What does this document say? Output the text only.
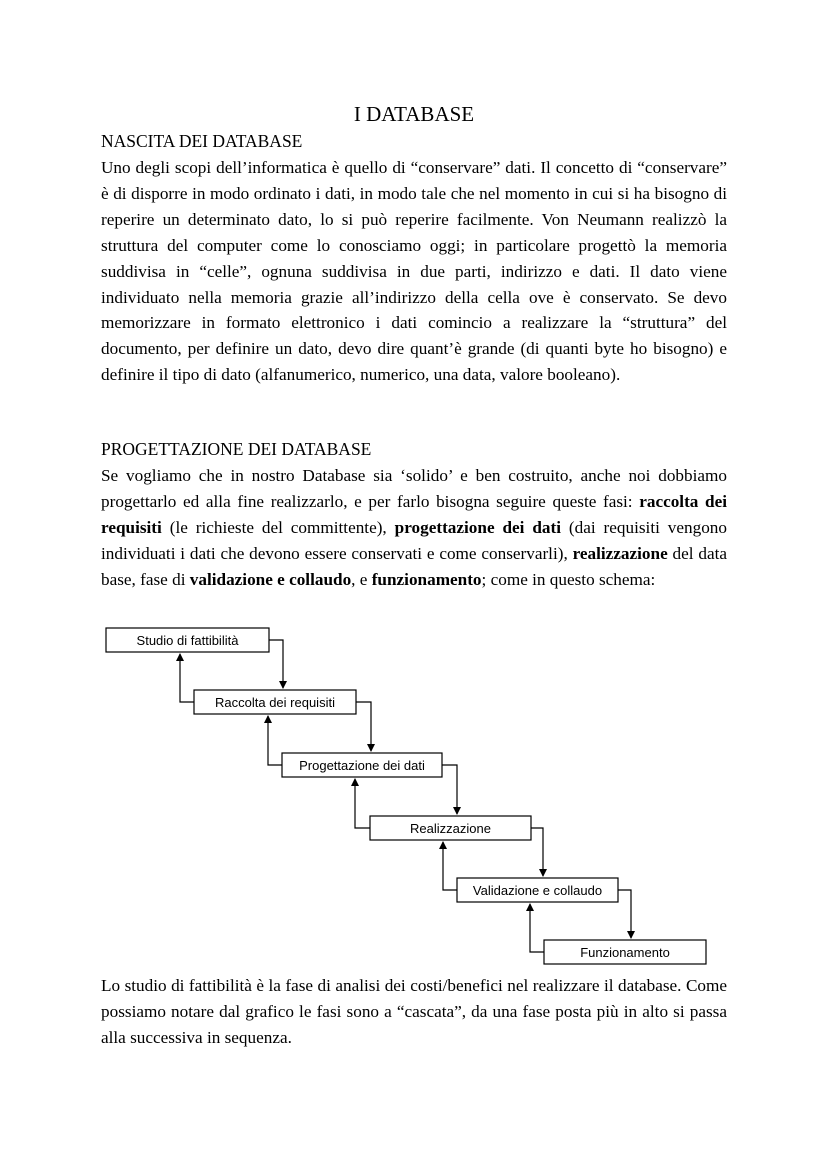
I DATABASE
NASCITA DEI DATABASE

Uno degli scopi dell’informatica è quello di “conservare” dati. Il concetto di “conservare” è di disporre in modo ordinato i dati, in modo tale che nel momento in cui si ha bisogno di reperire un determinato dato, lo si può reperire facilmente. Von Neumann realizzò la struttura del computer come lo conosciamo oggi; in particolare progettò la memoria suddivisa in “celle”, ognuna suddivisa in due parti, indirizzo e dati. Il dato viene individuato nella memoria grazie all’indirizzo della cella ove è conservato. Se devo memorizzare in formato elettronico i dati comincio a realizzare la “struttura” del documento, per definire un dato, devo dire quant’è grande (di quanti byte ho bisogno) e definire il tipo di dato (alfanumerico, numerico, una data, valore booleano).

PROGETTAZIONE DEI DATABASE

Se vogliamo che in nostro Database sia ‘solido’ e ben costruito, anche noi dobbiamo progettarlo ed alla fine realizzarlo, e per farlo bisogna seguire queste fasi: raccolta dei requisiti (le richieste del committente), progettazione dei dati (dai requisiti vengono individuati i dati che devono essere conservati e come conservarli), realizzazione del data base, fase di validazione e collaudo, e funzionamento; come in questo schema:

Studio di fattibilità
Raccolta dei requisiti
Progettazione dei dati
Realizzazione
Validazione e collaudo
Funzionamento

Lo studio di fattibilità è la fase di analisi dei costi/benefici nel realizzare il database. Come possiamo notare dal grafico le fasi sono a “cascata”, da una fase posta più in alto si passa alla successiva in sequenza.
